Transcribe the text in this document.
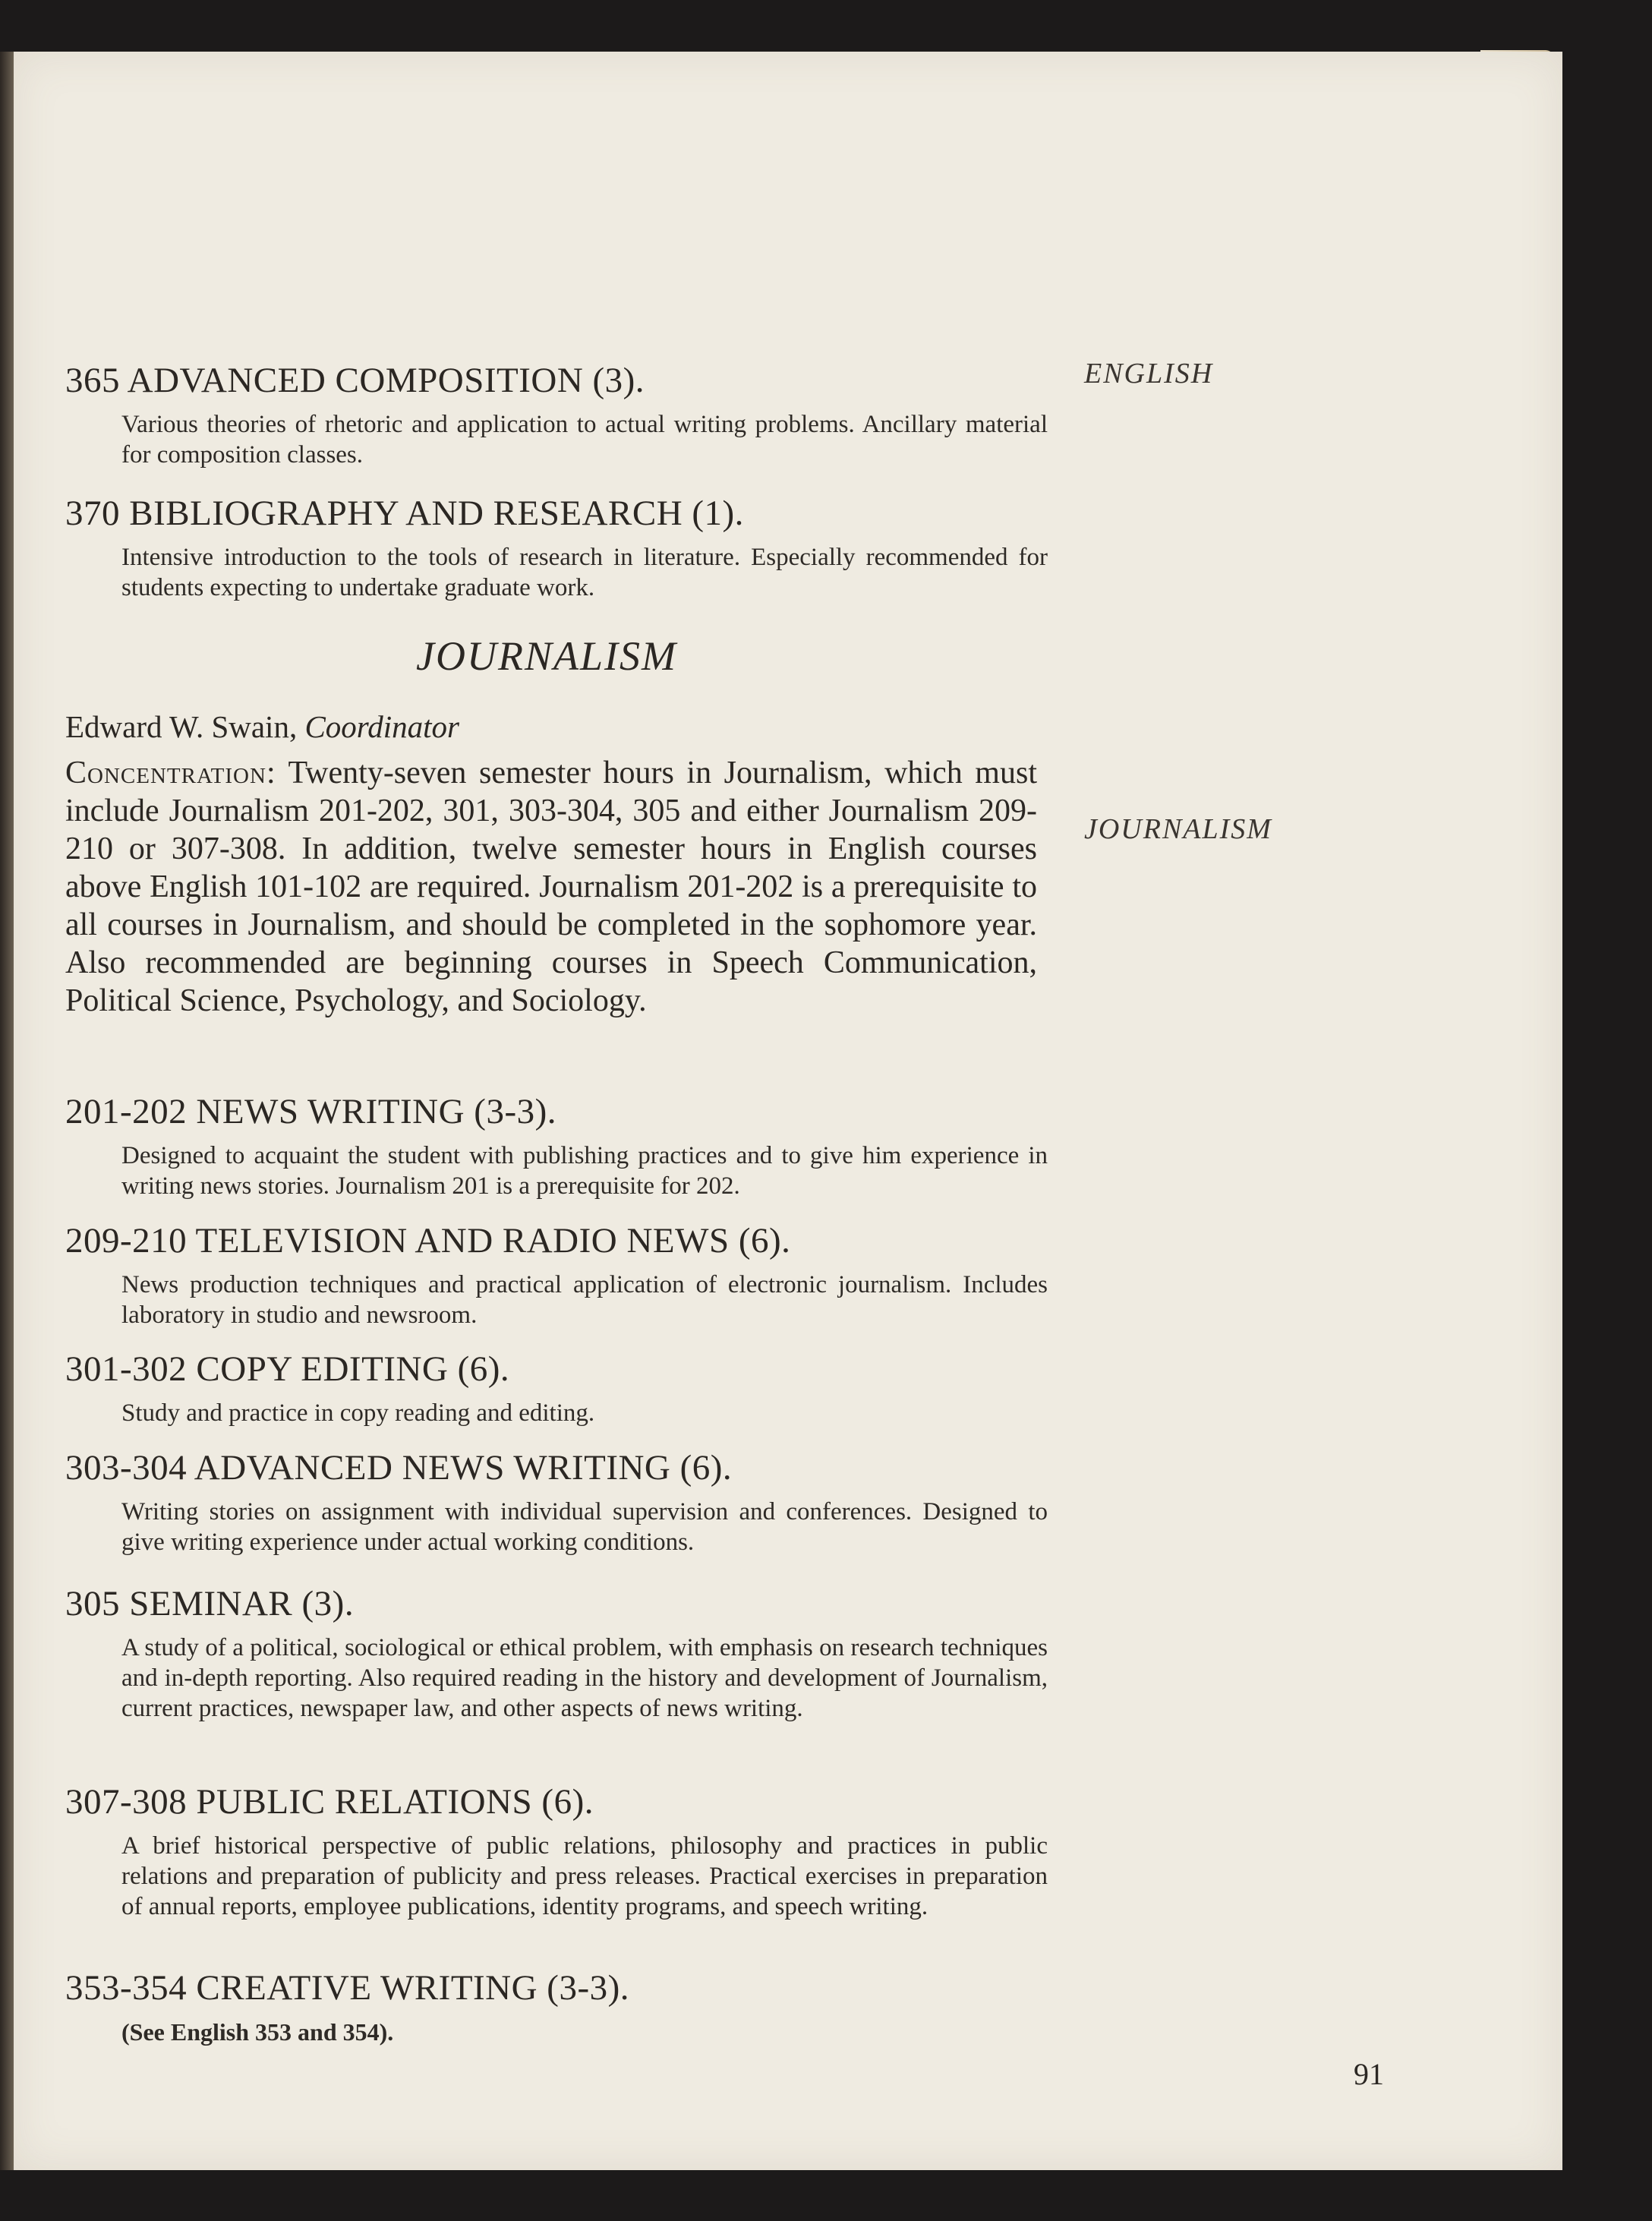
ENGLISH
JOURNALISM
365 ADVANCED COMPOSITION (3).
Various theories of rhetoric and application to actual writing problems. Ancillary material for composition classes.
370 BIBLIOGRAPHY AND RESEARCH (1).
Intensive introduction to the tools of research in literature. Especially recommended for students expecting to undertake graduate work.
JOURNALISM
Edward W. Swain, Coordinator
Concentration: Twenty-seven semester hours in Journalism, which must include Journalism 201-202, 301, 303-304, 305 and either Journalism 209-210 or 307-308. In addition, twelve semester hours in English courses above English 101-102 are required. Journalism 201-202 is a prerequisite to all courses in Journalism, and should be completed in the sophomore year. Also recommended are beginning courses in Speech Communication, Political Science, Psychology, and Sociology.
201-202 NEWS WRITING (3-3).
Designed to acquaint the student with publishing practices and to give him experience in writing news stories. Journalism 201 is a prerequisite for 202.
209-210 TELEVISION AND RADIO NEWS (6).
News production techniques and practical application of electronic journalism. Includes laboratory in studio and newsroom.
301-302 COPY EDITING (6).
Study and practice in copy reading and editing.
303-304 ADVANCED NEWS WRITING (6).
Writing stories on assignment with individual supervision and conferences. Designed to give writing experience under actual working conditions.
305 SEMINAR (3).
A study of a political, sociological or ethical problem, with emphasis on research techniques and in-depth reporting. Also required reading in the history and development of Journalism, current practices, newspaper law, and other aspects of news writing.
307-308 PUBLIC RELATIONS (6).
A brief historical perspective of public relations, philosophy and practices in public relations and preparation of publicity and press releases. Practical exercises in preparation of annual reports, employee publications, identity programs, and speech writing.
353-354 CREATIVE WRITING (3-3).
(See English 353 and 354).
91
